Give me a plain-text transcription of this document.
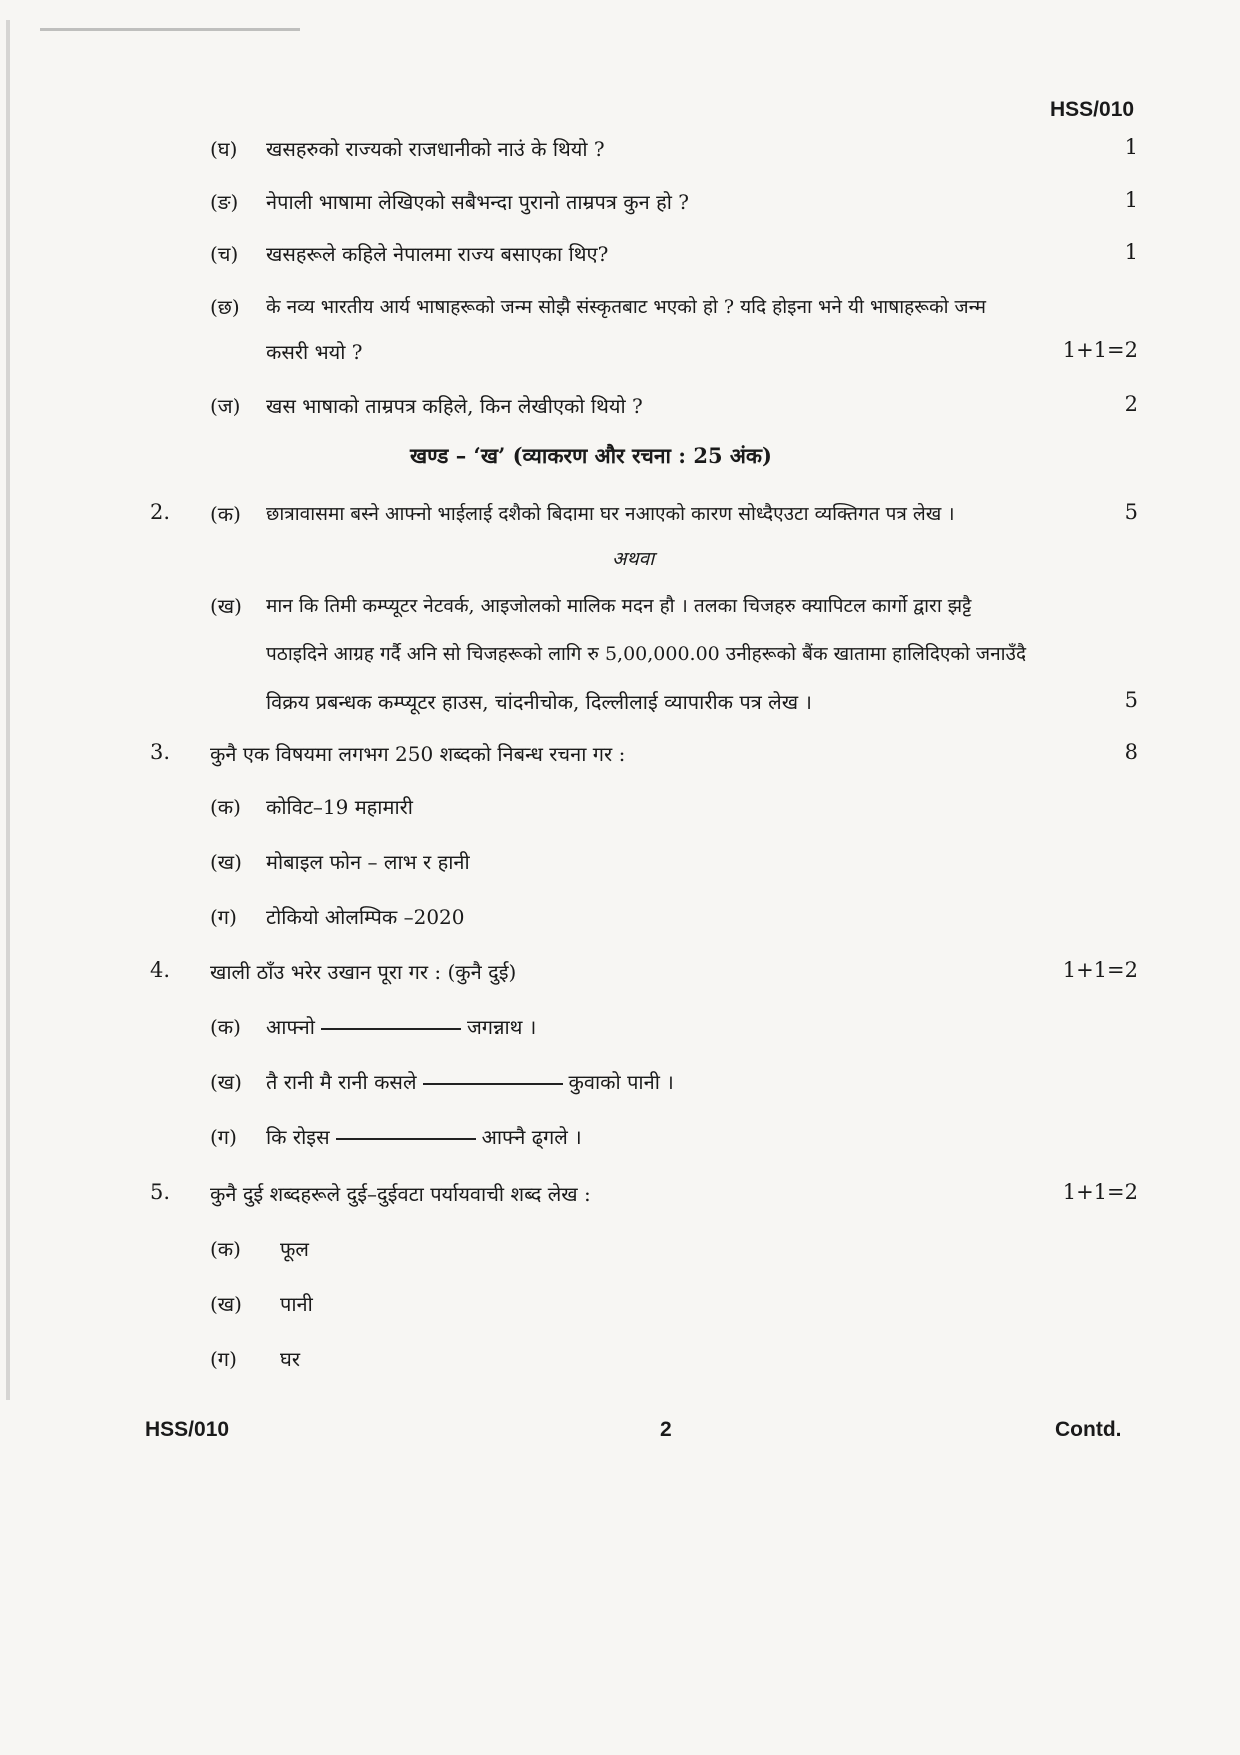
HSS/010
(घ) खसहरुको राज्यको राजधानीको नाउं के थियो ?	1
(ङ) नेपाली भाषामा लेखिएको सबैभन्दा पुरानो ताम्रपत्र कुन हो ?	1
(च) खसहरूले कहिले नेपालमा राज्य बसाएका थिए?	1
(छ) के नव्य भारतीय आर्य भाषाहरूको जन्म सोझै संस्कृतबाट भएको हो ? यदि होइना भने यी भाषाहरूको जन्म
कसरी भयो ?	1+1=2
(ज) खस भाषाको ताम्रपत्र कहिले, किन लेखीएको थियो ?	2
खण्ड – ‘ख’ (व्याकरण और रचना : 25 अंक)
2. (क) छात्रावासमा बस्ने आफ्नो भाईलाई दशैको बिदामा घर नआएको कारण सोध्दैएउटा व्यक्तिगत पत्र लेख ।	5
अथवा
(ख) मान कि तिमी कम्प्यूटर नेटवर्क, आइजोलको मालिक मदन हौ । तलका चिजहरु क्यापिटल कार्गो द्वारा झट्टै
पठाइदिने आग्रह गर्दै अनि सो चिजहरूको लागि रु 5,00,000.00 उनीहरूको बैंक खातामा हालिदिएको जनाउँदै
विक्रय प्रबन्धक कम्प्यूटर हाउस, चांदनीचोक, दिल्लीलाई व्यापारीक पत्र लेख ।	5
3. कुनै एक विषयमा लगभग 250 शब्दको निबन्ध रचना गर :	8
(क) कोविट–19 महामारी
(ख) मोबाइल फोन – लाभ र हानी
(ग) टोकियो ओलम्पिक –2020
4. खाली ठाँउ भरेर उखान पूरा गर : (कुनै दुई)	1+1=2
(क) आफ्नो	जगन्नाथ ।
(ख) तै रानी मै रानी कसले	कुवाको पानी ।
(ग) कि रोइस	आफ्नै ढ्गले ।
5. कुनै दुई शब्दहरूले दुई–दुईवटा पर्यायवाची शब्द लेख :	1+1=2
(क) फूल
(ख) पानी
(ग) घर
HSS/010	2	Contd.
